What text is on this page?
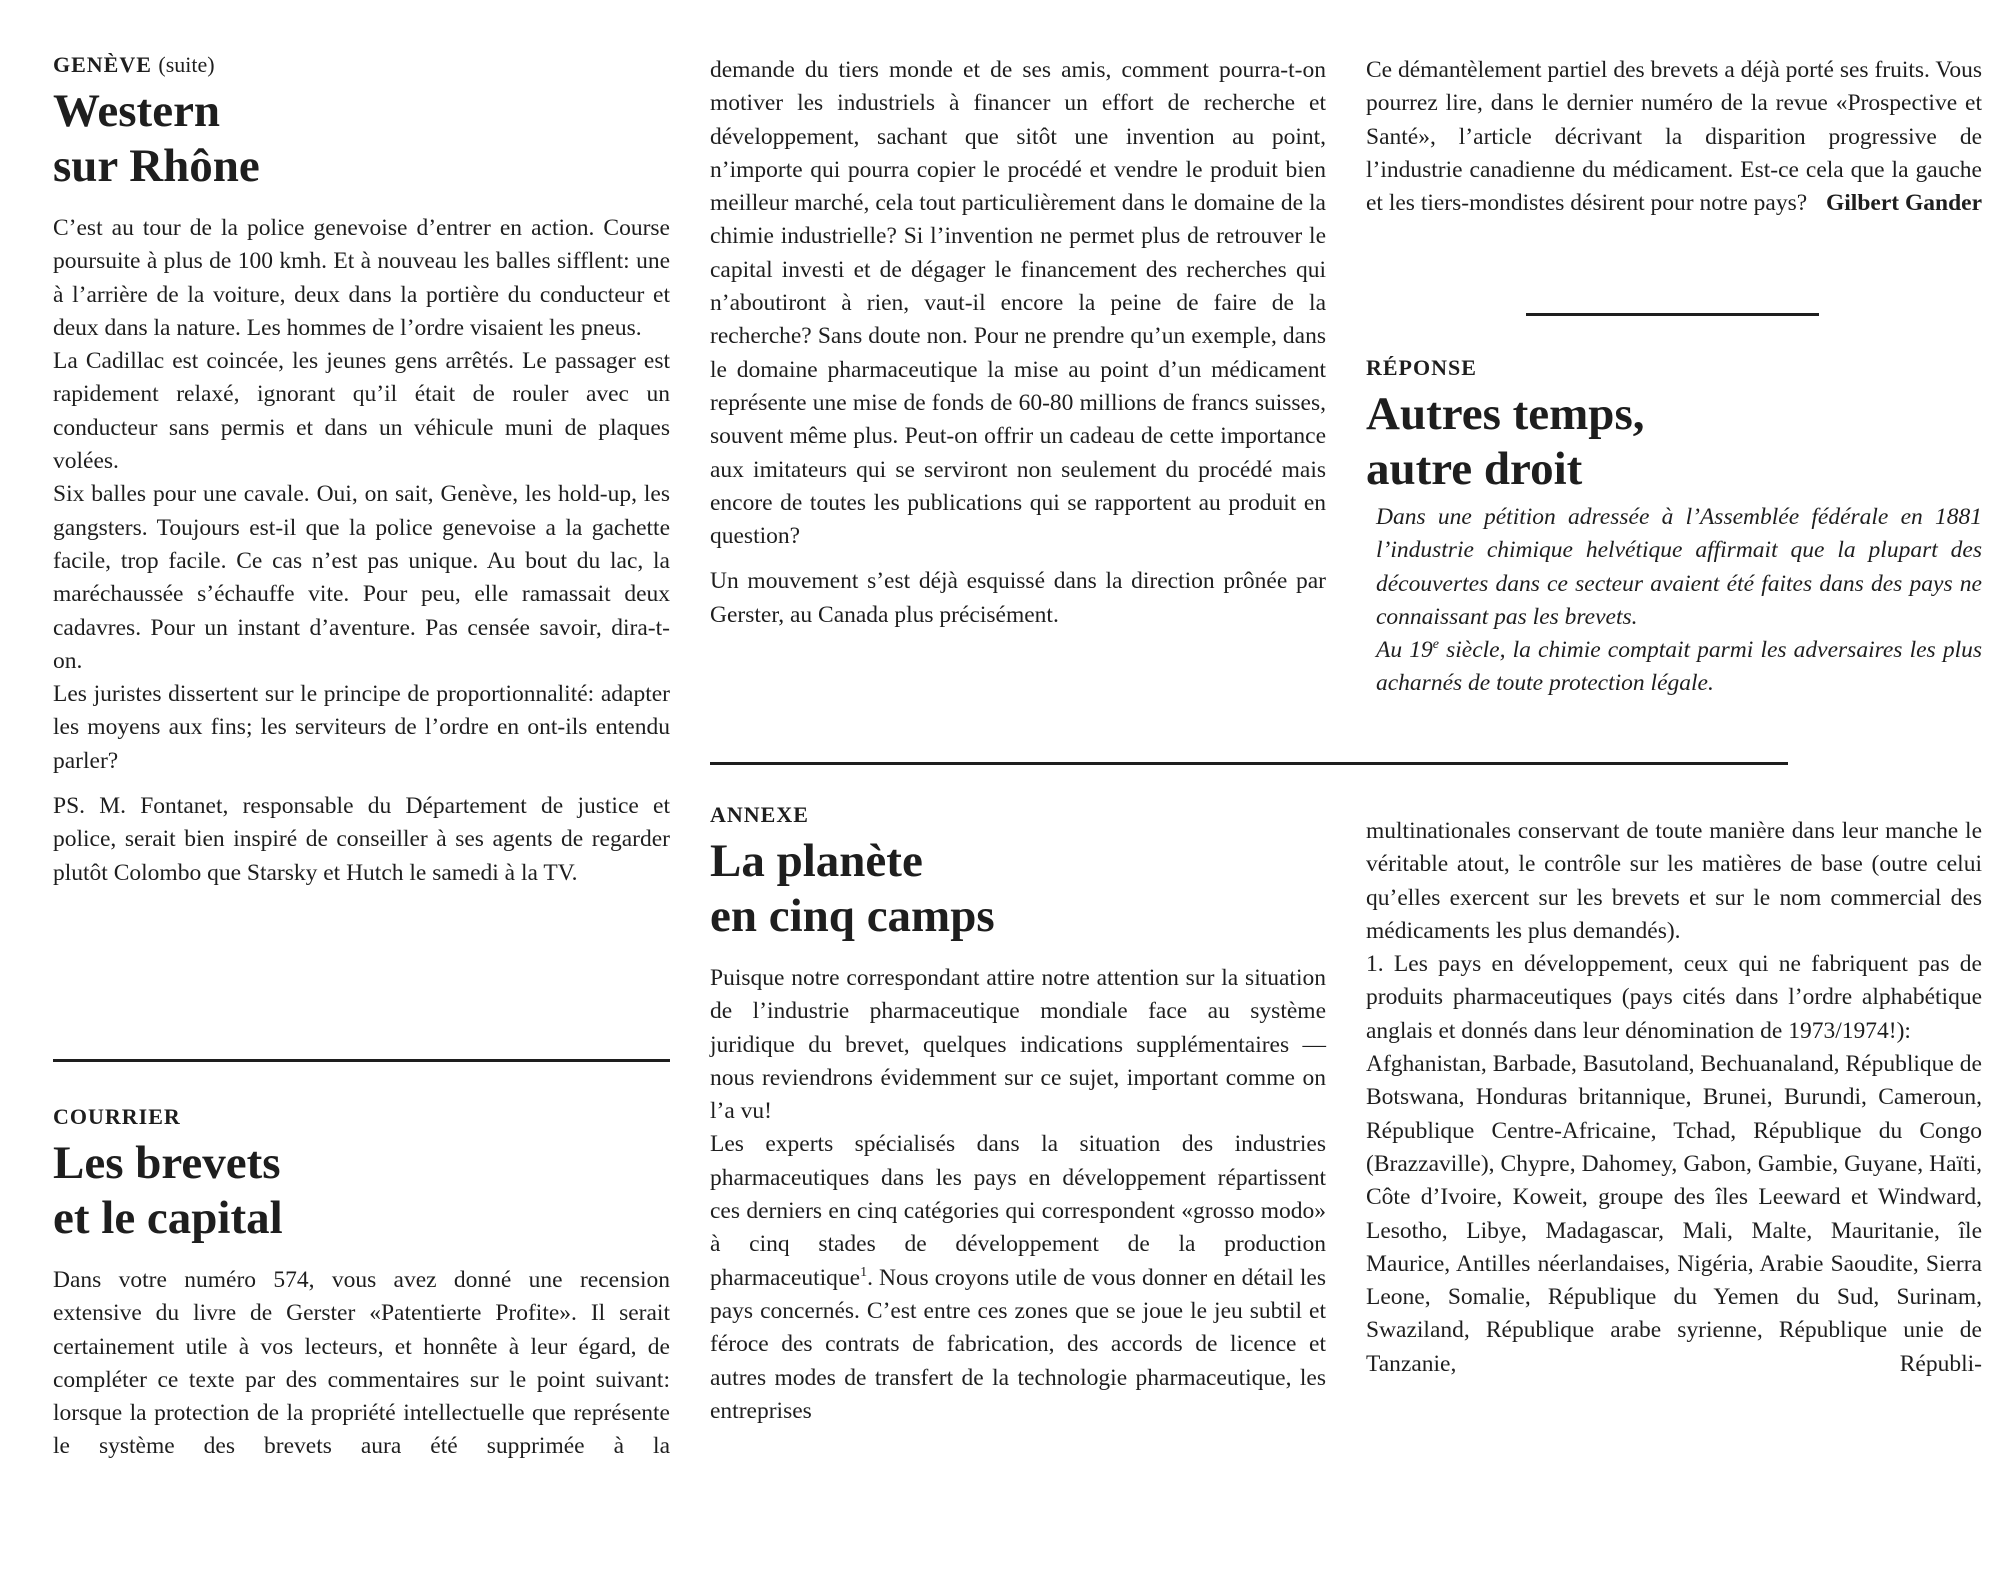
GENÈVE (suite)
Western
sur Rhône

C’est au tour de la police genevoise d’entrer en action. Course poursuite à plus de 100 kmh. Et à nouveau les balles sifflent: une à l’arrière de la voiture, deux dans la portière du conducteur et deux dans la nature. Les hommes de l’ordre visaient les pneus.

La Cadillac est coincée, les jeunes gens arrêtés. Le passager est rapidement relaxé, ignorant qu’il était de rouler avec un conducteur sans permis et dans un véhicule muni de plaques volées.

Six balles pour une cavale. Oui, on sait, Genève, les hold-up, les gangsters. Toujours est-il que la police genevoise a la gachette facile, trop facile. Ce cas n’est pas unique. Au bout du lac, la maréchaussée s’échauffe vite. Pour peu, elle ramassait deux cadavres. Pour un instant d’aventure. Pas censée savoir, dira-t-on.

Les juristes dissertent sur le principe de proportionnalité: adapter les moyens aux fins; les serviteurs de l’ordre en ont-ils entendu parler?

PS. M. Fontanet, responsable du Département de justice et police, serait bien inspiré de conseiller à ses agents de regarder plutôt Colombo que Starsky et Hutch le samedi à la TV.

COURRIER
Les brevets
et le capital

Dans votre numéro 574, vous avez donné une recension extensive du livre de Gerster «Patentierte Profite». Il serait certainement utile à vos lecteurs, et honnête à leur égard, de compléter ce texte par des commentaires sur le point suivant: lorsque la protection de la propriété intellectuelle que représente le système des brevets aura été supprimée à la

demande du tiers monde et de ses amis, comment pourra-t-on motiver les industriels à financer un effort de recherche et développement, sachant que sitôt une invention au point, n’importe qui pourra copier le procédé et vendre le produit bien meilleur marché, cela tout particulièrement dans le domaine de la chimie industrielle? Si l’invention ne permet plus de retrouver le capital investi et de dégager le financement des recherches qui n’aboutiront à rien, vaut-il encore la peine de faire de la recherche? Sans doute non. Pour ne prendre qu’un exemple, dans le domaine pharmaceutique la mise au point d’un médicament représente une mise de fonds de 60-80 millions de francs suisses, souvent même plus. Peut-on offrir un cadeau de cette importance aux imitateurs qui se serviront non seulement du procédé mais encore de toutes les publications qui se rapportent au produit en question?

Un mouvement s’est déjà esquissé dans la direction prônée par Gerster, au Canada plus précisément.

Ce démantèlement partiel des brevets a déjà porté ses fruits. Vous pourrez lire, dans le dernier numéro de la revue «Prospective et Santé», l’article décrivant la disparition progressive de l’industrie canadienne du médicament. Est-ce cela que la gauche et les tiers-mondistes désirent pour notre pays? Gilbert Gander

RÉPONSE
Autres temps,
autre droit

Dans une pétition adressée à l’Assemblée fédérale en 1881 l’industrie chimique helvétique affirmait que la plupart des découvertes dans ce secteur avaient été faites dans des pays ne connaissant pas les brevets.

Au 19e siècle, la chimie comptait parmi les adversaires les plus acharnés de toute protection légale.

ANNEXE
La planète
en cinq camps

Puisque notre correspondant attire notre attention sur la situation de l’industrie pharmaceutique mondiale face au système juridique du brevet, quelques indications supplémentaires — nous reviendrons évidemment sur ce sujet, important comme on l’a vu!

Les experts spécialisés dans la situation des industries pharmaceutiques dans les pays en développement répartissent ces derniers en cinq catégories qui correspondent «grosso modo» à cinq stades de développement de la production pharmaceutique$^1$. Nous croyons utile de vous donner en détail les pays concernés. C’est entre ces zones que se joue le jeu subtil et féroce des contrats de fabrication, des accords de licence et autres modes de transfert de la technologie pharmaceutique, les entreprises

multinationales conservant de toute manière dans leur manche le véritable atout, le contrôle sur les matières de base (outre celui qu’elles exercent sur les brevets et sur le nom commercial des médicaments les plus demandés).

1. Les pays en développement, ceux qui ne fabriquent pas de produits pharmaceutiques (pays cités dans l’ordre alphabétique anglais et donnés dans leur dénomination de 1973/1974!):

Afghanistan, Barbade, Basutoland, Bechuanaland, République de Botswana, Honduras britannique, Brunei, Burundi, Cameroun, République Centre-Africaine, Tchad, République du Congo (Brazzaville), Chypre, Dahomey, Gabon, Gambie, Guyane, Haïti, Côte d’Ivoire, Koweit, groupe des îles Leeward et Windward, Lesotho, Libye, Madagascar, Mali, Malte, Mauritanie, île Maurice, Antilles néerlandaises, Nigéria, Arabie Saoudite, Sierra Leone, Somalie, République du Yemen du Sud, Surinam, Swaziland, République arabe syrienne, République unie de Tanzanie, Républi-
